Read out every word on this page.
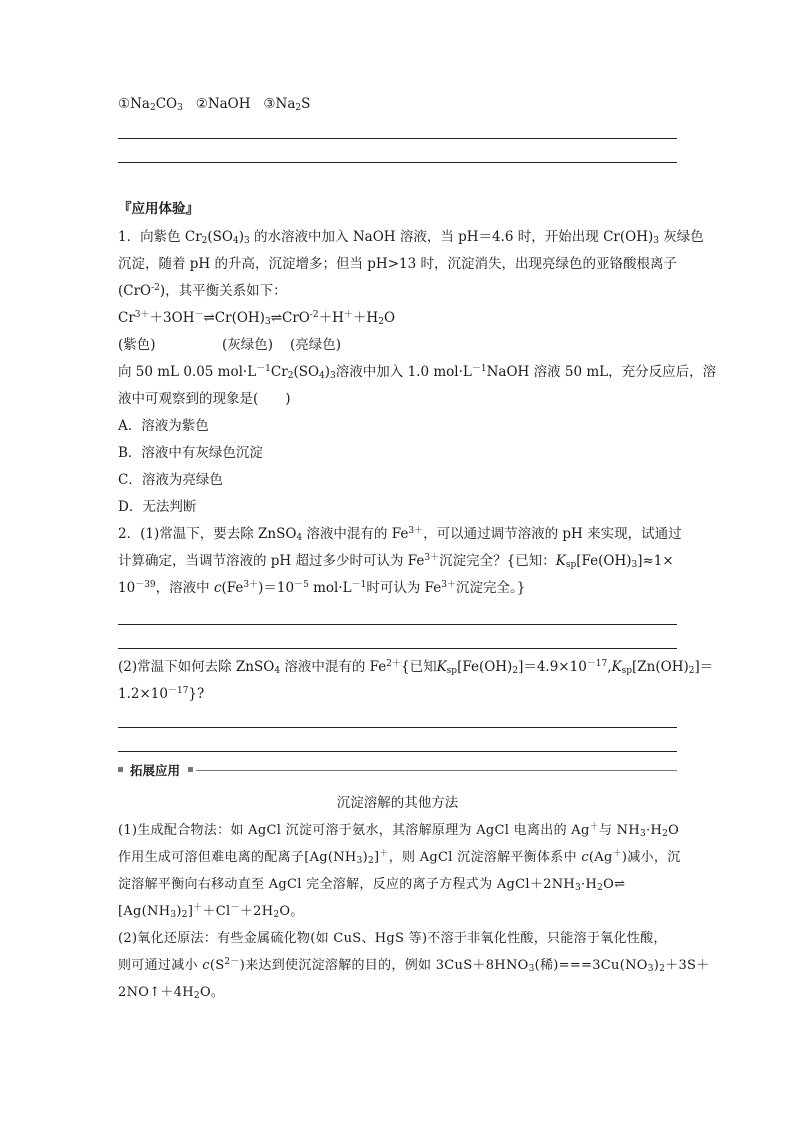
$①Na_2CO_3$ ②NaOH $③Na_2S$
『应用体验』
1．向紫色 $Cr_2(SO_4)_3$ 的水溶液中加入 NaOH 溶液，当 pH＝4.6 时，开始出现 $Cr(OH)_3$ 灰绿色
沉淀，随着 pH 的升高，沉淀增多；但当 pH>13 时，沉淀消失，出现亮绿色的亚铬酸根离子
(CrO$^{-2}$)，其平衡关系如下：
$Cr^{3+}+3OH^-\rightleftharpoons Cr(OH)_3\rightleftharpoons CrO^{-2}+H^++H_2O$
(紫色)	(灰绿色) (亮绿色)
向 50 mL 0.05 $mol\cdot L^{-1}Cr_2(SO_4)_3$溶液中加入 1.0 $mol\cdot L^{-1}NaOH$ 溶液 50 mL，充分反应后，溶
液中可观察到的现象是(　　)
A．溶液为紫色
B．溶液中有灰绿色沉淀
C．溶液为亮绿色
D．无法判断
2．(1)常温下，要去除 ZnSO$_4$ 溶液中混有的 $Fe^{3+}$，可以通过调节溶液的 pH 来实现，试通过
计算确定，当调节溶液的 pH 超过多少时可认为 $Fe^{3+}$沉淀完全？{已知：$K_{sp}[Fe(OH)_3]\approx 1\times$
$10^{-39}$，溶液中 $c(Fe^{3+})=10^{-5}$ $mol\cdot L^{-1}$时可认为 $Fe^{3+}$沉淀完全。}
(2)常温下如何去除 ZnSO$_4$ 溶液中混有的 $Fe^{2+}${已知$K_{sp}[Fe(OH)_2]=4.9\times 10^{-17},K_{sp}[Zn(OH)_2]=$
$1.2\times 10^{-17}$}?
拓展应用
沉淀溶解的其他方法
(1)生成配合物法：如 AgCl 沉淀可溶于氨水，其溶解原理为 AgCl 电离出的 Ag＋与 $NH_3\cdot H_2O$
作用生成可溶但难电离的配离子$[Ag(NH_3)_2]^+$，则 AgCl 沉淀溶解平衡体系中 c(Ag＋)减小，沉
淀溶解平衡向右移动直至 AgCl 完全溶解，反应的离子方程式为 $AgCl+2NH_3\cdot H_2O\rightleftharpoons$
$[Ag(NH_3)_2]^++Cl^-+2H_2O$。
(2)氧化还原法：有些金属硫化物(如 CuS、HgS 等)不溶于非氧化性酸，只能溶于氧化性酸，
则可通过减小 $c(S^{2-})$来达到使沉淀溶解的目的，例如 $3CuS+8HNO_3$(稀)$===3Cu(NO_3)_2+3S+$
$2NO↑+4H_2O$。
